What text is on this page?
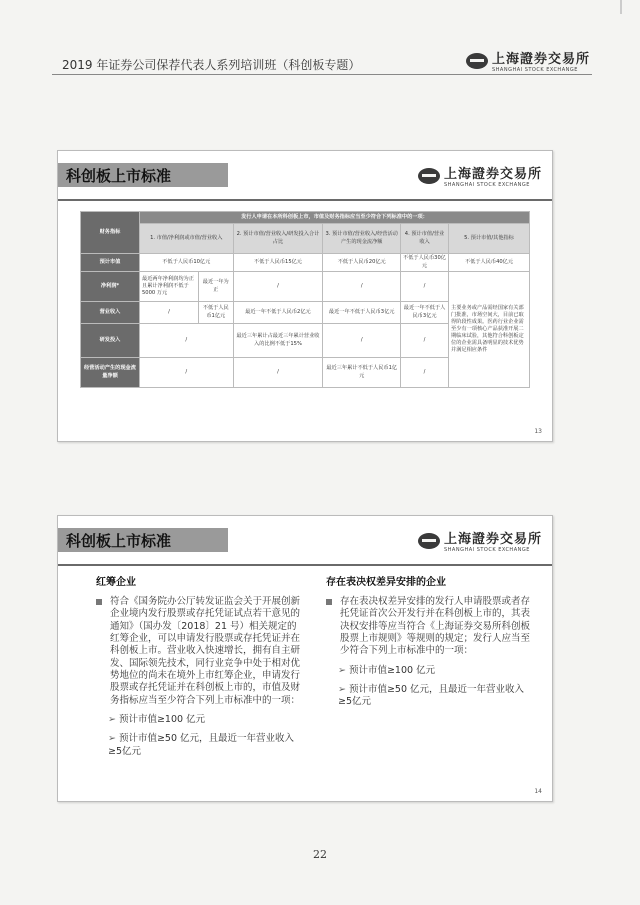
2019 年证券公司保荐代表人系列培训班（科创板专题）	上海證券交易所
SHANGHAI STOCK EXCHANGE
科创板上市标准	上海證券交易所
SHANGHAI STOCK EXCHANGE
财务指标	发行人申请在本所科创板上市，市值及财务指标应当至少符合下列标准中的一项：					
	1. 市值/净利润或市值/营业收入		2. 预计市值/营业收入/研发投入合计占比	3. 预计市值/营业收入/经营活动产生的现金流净额	4. 预计市值/营业收入	5. 预计市值/其他指标
预计市值	不低于人民币10亿元		不低于人民币15亿元	不低于人民币20亿元	不低于人民币30亿元	不低于人民币40亿元
净利润*	最近两年净利润均为正且累计净利润不低于5000 万元	最近一年为正	/	/	/	主要业务或产品需经国家有关部门批准，市场空间大，目前已取得阶段性成果。医药行业企业需至少有一项核心产品获准开展二期临床试验，其他符合科创板定位的企业需具备明显的技术优势并满足相应条件
营业收入	/	不低于人民币1亿元	最近一年不低于人民币2亿元	最近一年不低于人民币3亿元	最近一年不低于人民币3亿元	
研发投入	/		最近三年累计占最近三年累计营业收入的比例不低于15%	/	/	
经营活动产生的现金流量净额	/		/	最近三年累计不低于人民币1亿元	/	
13
科创板上市标准	上海證券交易所
SHANGHAI STOCK EXCHANGE
红筹企业
符合《国务院办公厅转发证监会关于开展创新企业境内发行股票或存托凭证试点若干意见的通知》（国办发〔2018〕21 号）相关规定的红筹企业，可以申请发行股票或存托凭证并在科创板上市。营业收入快速增长，拥有自主研发、国际领先技术，同行业竞争中处于相对优势地位的尚未在境外上市红筹企业，申请发行股票或存托凭证并在科创板上市的，市值及财务指标应当至少符合下列上市标准中的一项：
➢ 预计市值≥100 亿元
➢ 预计市值≥50 亿元，且最近一年营业收入≥5亿元
存在表决权差异安排的企业
存在表决权差异安排的发行人申请股票或者存托凭证首次公开发行并在科创板上市的，其表决权安排等应当符合《上海证券交易所科创板股票上市规则》等规则的规定；发行人应当至少符合下列上市标准中的一项：
➢ 预计市值≥100 亿元
➢ 预计市值≥50 亿元，且最近一年营业收入≥5亿元
14
22
